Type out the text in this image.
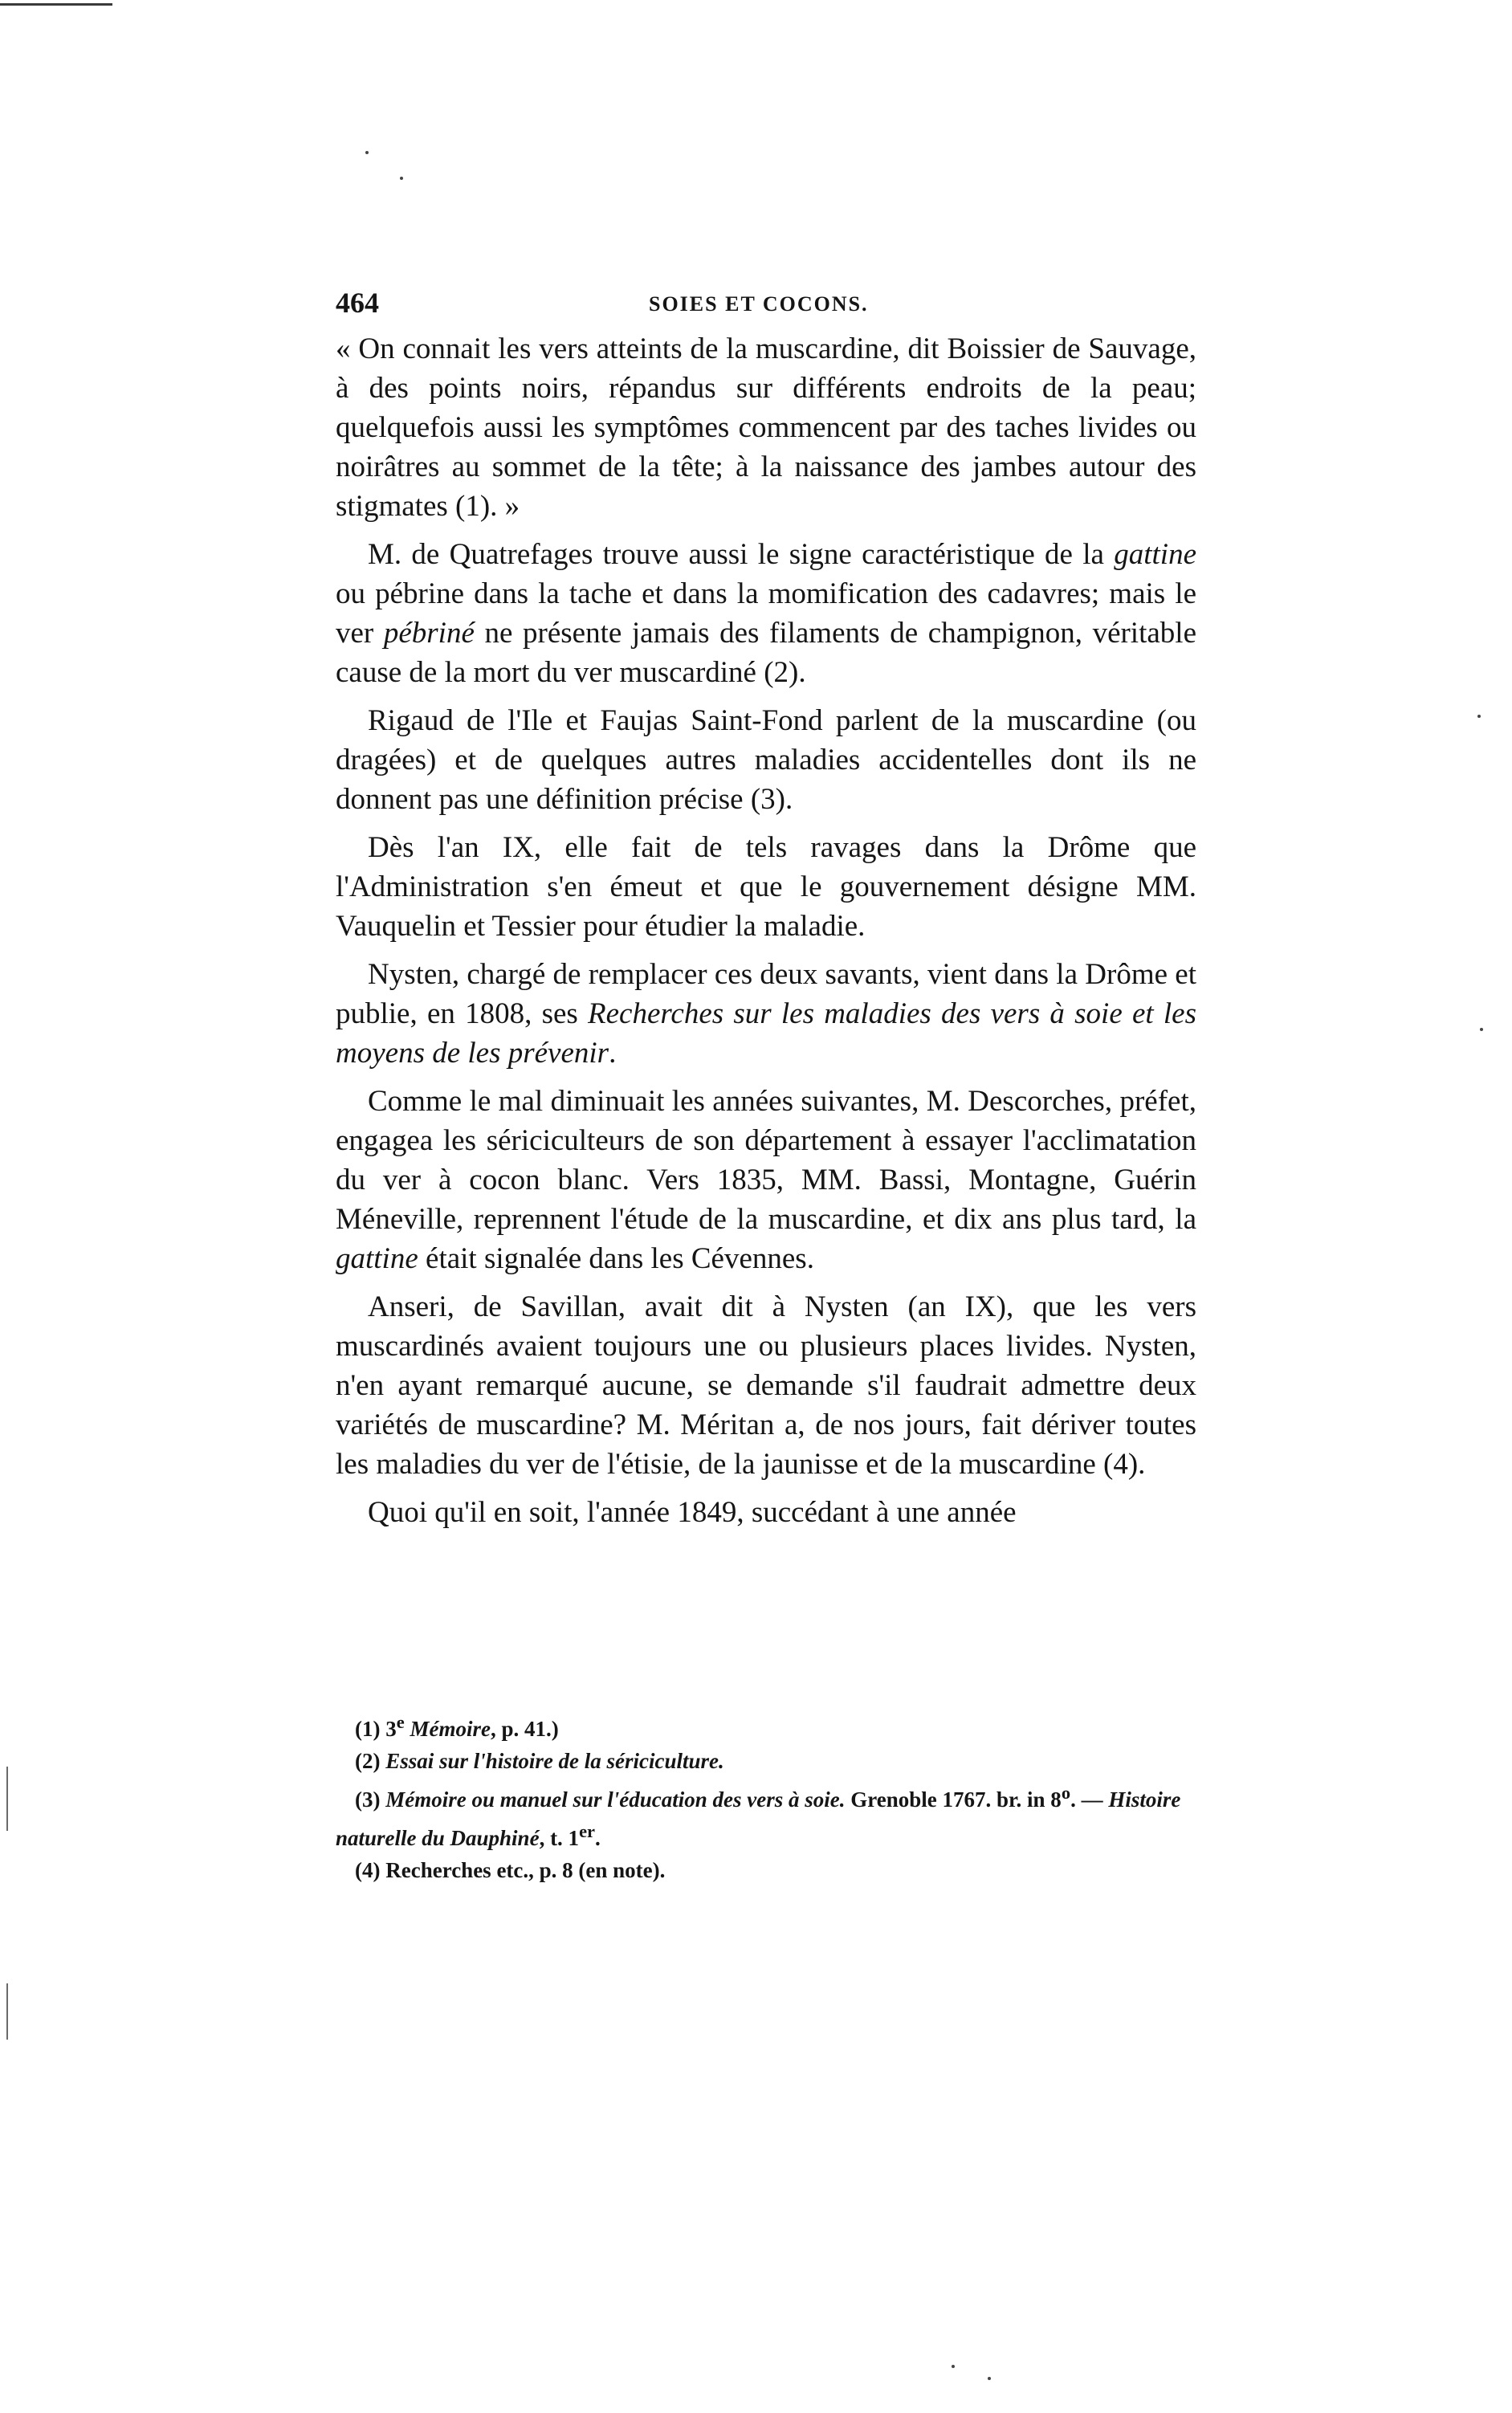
464	SOIES ET COCONS.

« On connait les vers atteints de la muscardine, dit Boissier de Sauvage, à des points noirs, répandus sur différents endroits de la peau; quelquefois aussi les symptômes commencent par des taches livides ou noirâtres au sommet de la tête; à la naissance des jambes autour des stigmates (1). »

M. de Quatrefages trouve aussi le signe caractéristique de la gattine ou pébrine dans la tache et dans la momification des cadavres; mais le ver pébriné ne présente jamais des filaments de champignon, véritable cause de la mort du ver muscardiné (2).

Rigaud de l'Ile et Faujas Saint-Fond parlent de la muscardine (ou dragées) et de quelques autres maladies accidentelles dont ils ne donnent pas une définition précise (3).

Dès l'an IX, elle fait de tels ravages dans la Drôme que l'Administration s'en émeut et que le gouvernement désigne MM. Vauquelin et Tessier pour étudier la maladie.

Nysten, chargé de remplacer ces deux savants, vient dans la Drôme et publie, en 1808, ses Recherches sur les maladies des vers à soie et les moyens de les prévenir.

Comme le mal diminuait les années suivantes, M. Descorches, préfet, engagea les sériciculteurs de son département à essayer l'acclimatation du ver à cocon blanc. Vers 1835, MM. Bassi, Montagne, Guérin Méneville, reprennent l'étude de la muscardine, et dix ans plus tard, la gattine était signalée dans les Cévennes.

Anseri, de Savillan, avait dit à Nysten (an IX), que les vers muscardinés avaient toujours une ou plusieurs places livides. Nysten, n'en ayant remarqué aucune, se demande s'il faudrait admettre deux variétés de muscardine? M. Méritan a, de nos jours, fait dériver toutes les maladies du ver de l'étisie, de la jaunisse et de la muscardine (4).

Quoi qu'il en soit, l'année 1849, succédant à une année

(1) 3e Mémoire, p. 41.)

(2) Essai sur l'histoire de la sériciculture.

(3) Mémoire ou manuel sur l'éducation des vers à soie. Grenoble 1767. br. in 8$^o$. — Histoire naturelle du Dauphiné, t. 1er.

(4) Recherches etc., p. 8 (en note).
